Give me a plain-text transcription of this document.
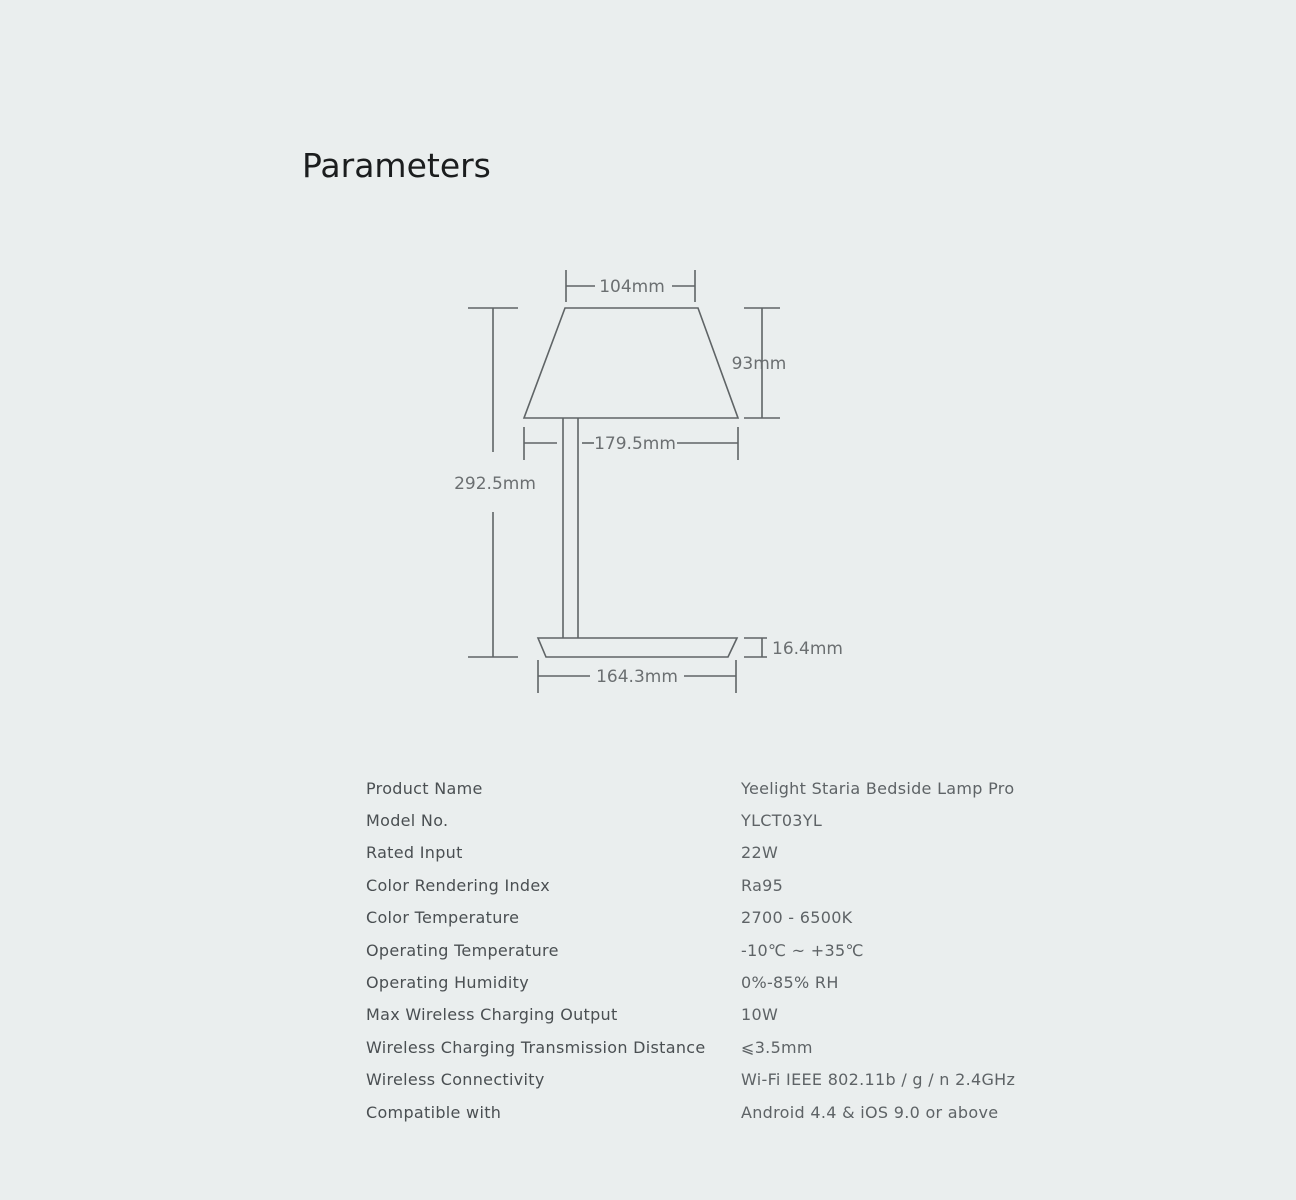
Parameters
104mm
93mm
179.5mm
292.5mm
16.4mm
164.3mm
Product Name	Yeelight Staria Bedside Lamp Pro
Model No.	YLCT03YL
Rated Input	22W
Color Rendering Index	Ra95
Color Temperature	2700 - 6500K
Operating Temperature	-10℃ ~ +35℃
Operating Humidity	0%-85% RH
Max Wireless Charging Output	10W
Wireless Charging Transmission Distance	⩽3.5mm
Wireless Connectivity	Wi-Fi IEEE 802.11b / g / n 2.4GHz
Compatible with	Android 4.4 & iOS 9.0 or above
